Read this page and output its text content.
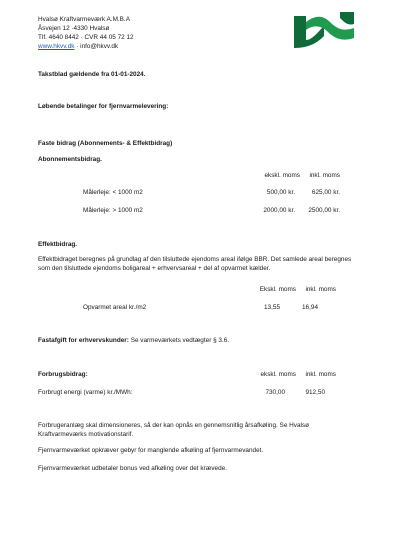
Hvalsø Kraftvarmeværk A.M.B.A
Åsvejen 12 ·4330 Hvalsø
Tlf. 4640 8442 · CVR 44 05 72 12
www.hkvv.dk · info@hkvv.dk
Takstblad gældende fra 01-01-2024.
Løbende betalinger for fjernvarmelevering:
Faste bidrag (Abonnements- & Effektbidrag)
Abonnementsbidrag.
ekskl. moms	inkl. moms
Målerleje: < 1000 m2	500,00 kr.	625,00 kr.
Målerleje: > 1000 m2	2000,00 kr.	2500,00 kr.
Effektbidrag.
Effektbidraget beregnes på grundlag af den tilsluttede ejendoms areal ifølge BBR. Det samlede areal beregnes som den tilsluttede ejendoms boligareal + erhvervsareal + del af opvarmet kælder.
Ekskl. moms	inkl. moms
Opvarmet areal kr./m2	13,55	16,94
Fastafgift for erhvervskunder: Se varmeværkets vedtægter § 3.6.
Forbrugsbidrag:	ekskl. moms	inkl. moms
Forbrugt energi (varme) kr./MWh:	730,00	912,50
Forbrugeranlæg skal dimensioneres, så der kan opnås en gennemsnitlig årsafkøling. Se Hvalsø Kraftvarmeværks motivationstarif.
Fjernvarmeværket opkræver gebyr for manglende afkøling af fjernvarmevandet.
Fjernvarmeværket udbetaler bonus ved afkøling over det krævede.
